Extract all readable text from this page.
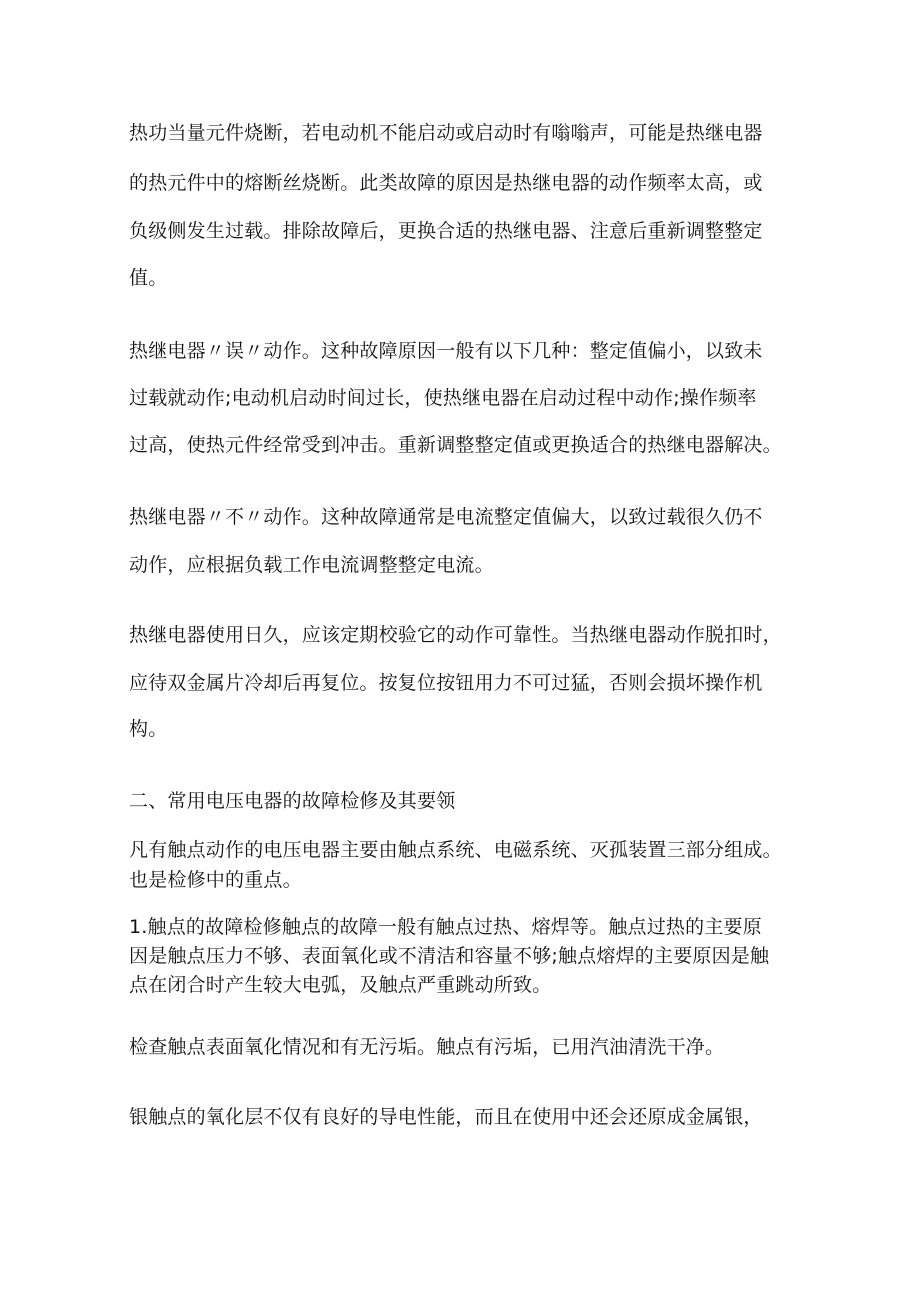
热功当量元件烧断，若电动机不能启动或启动时有嗡嗡声，可能是热继电器
的热元件中的熔断丝烧断。此类故障的原因是热继电器的动作频率太高，或
负级侧发生过载。排除故障后，更换合适的热继电器、注意后重新调整整定
值。
热继电器〃误〃动作。这种故障原因一般有以下几种：整定值偏小，以致未
过载就动作;电动机启动时间过长，使热继电器在启动过程中动作;操作频率
过高，使热元件经常受到冲击。重新调整整定值或更换适合的热继电器解决。
热继电器〃不〃动作。这种故障通常是电流整定值偏大，以致过载很久仍不
动作，应根据负载工作电流调整整定电流。
热继电器使用日久，应该定期校验它的动作可靠性。当热继电器动作脱扣时，
应待双金属片冷却后再复位。按复位按钮用力不可过猛，否则会损坏操作机
构。
二、常用电压电器的故障检修及其要领
凡有触点动作的电压电器主要由触点系统、电磁系统、灭孤装置三部分组成。
也是检修中的重点。
1.触点的故障检修触点的故障一般有触点过热、熔焊等。触点过热的主要原
因是触点压力不够、表面氧化或不清洁和容量不够;触点熔焊的主要原因是触
点在闭合时产生较大电弧，及触点严重跳动所致。
检查触点表面氧化情况和有无污垢。触点有污垢，已用汽油清洗干净。
银触点的氧化层不仅有良好的导电性能，而且在使用中还会还原成金属银，
